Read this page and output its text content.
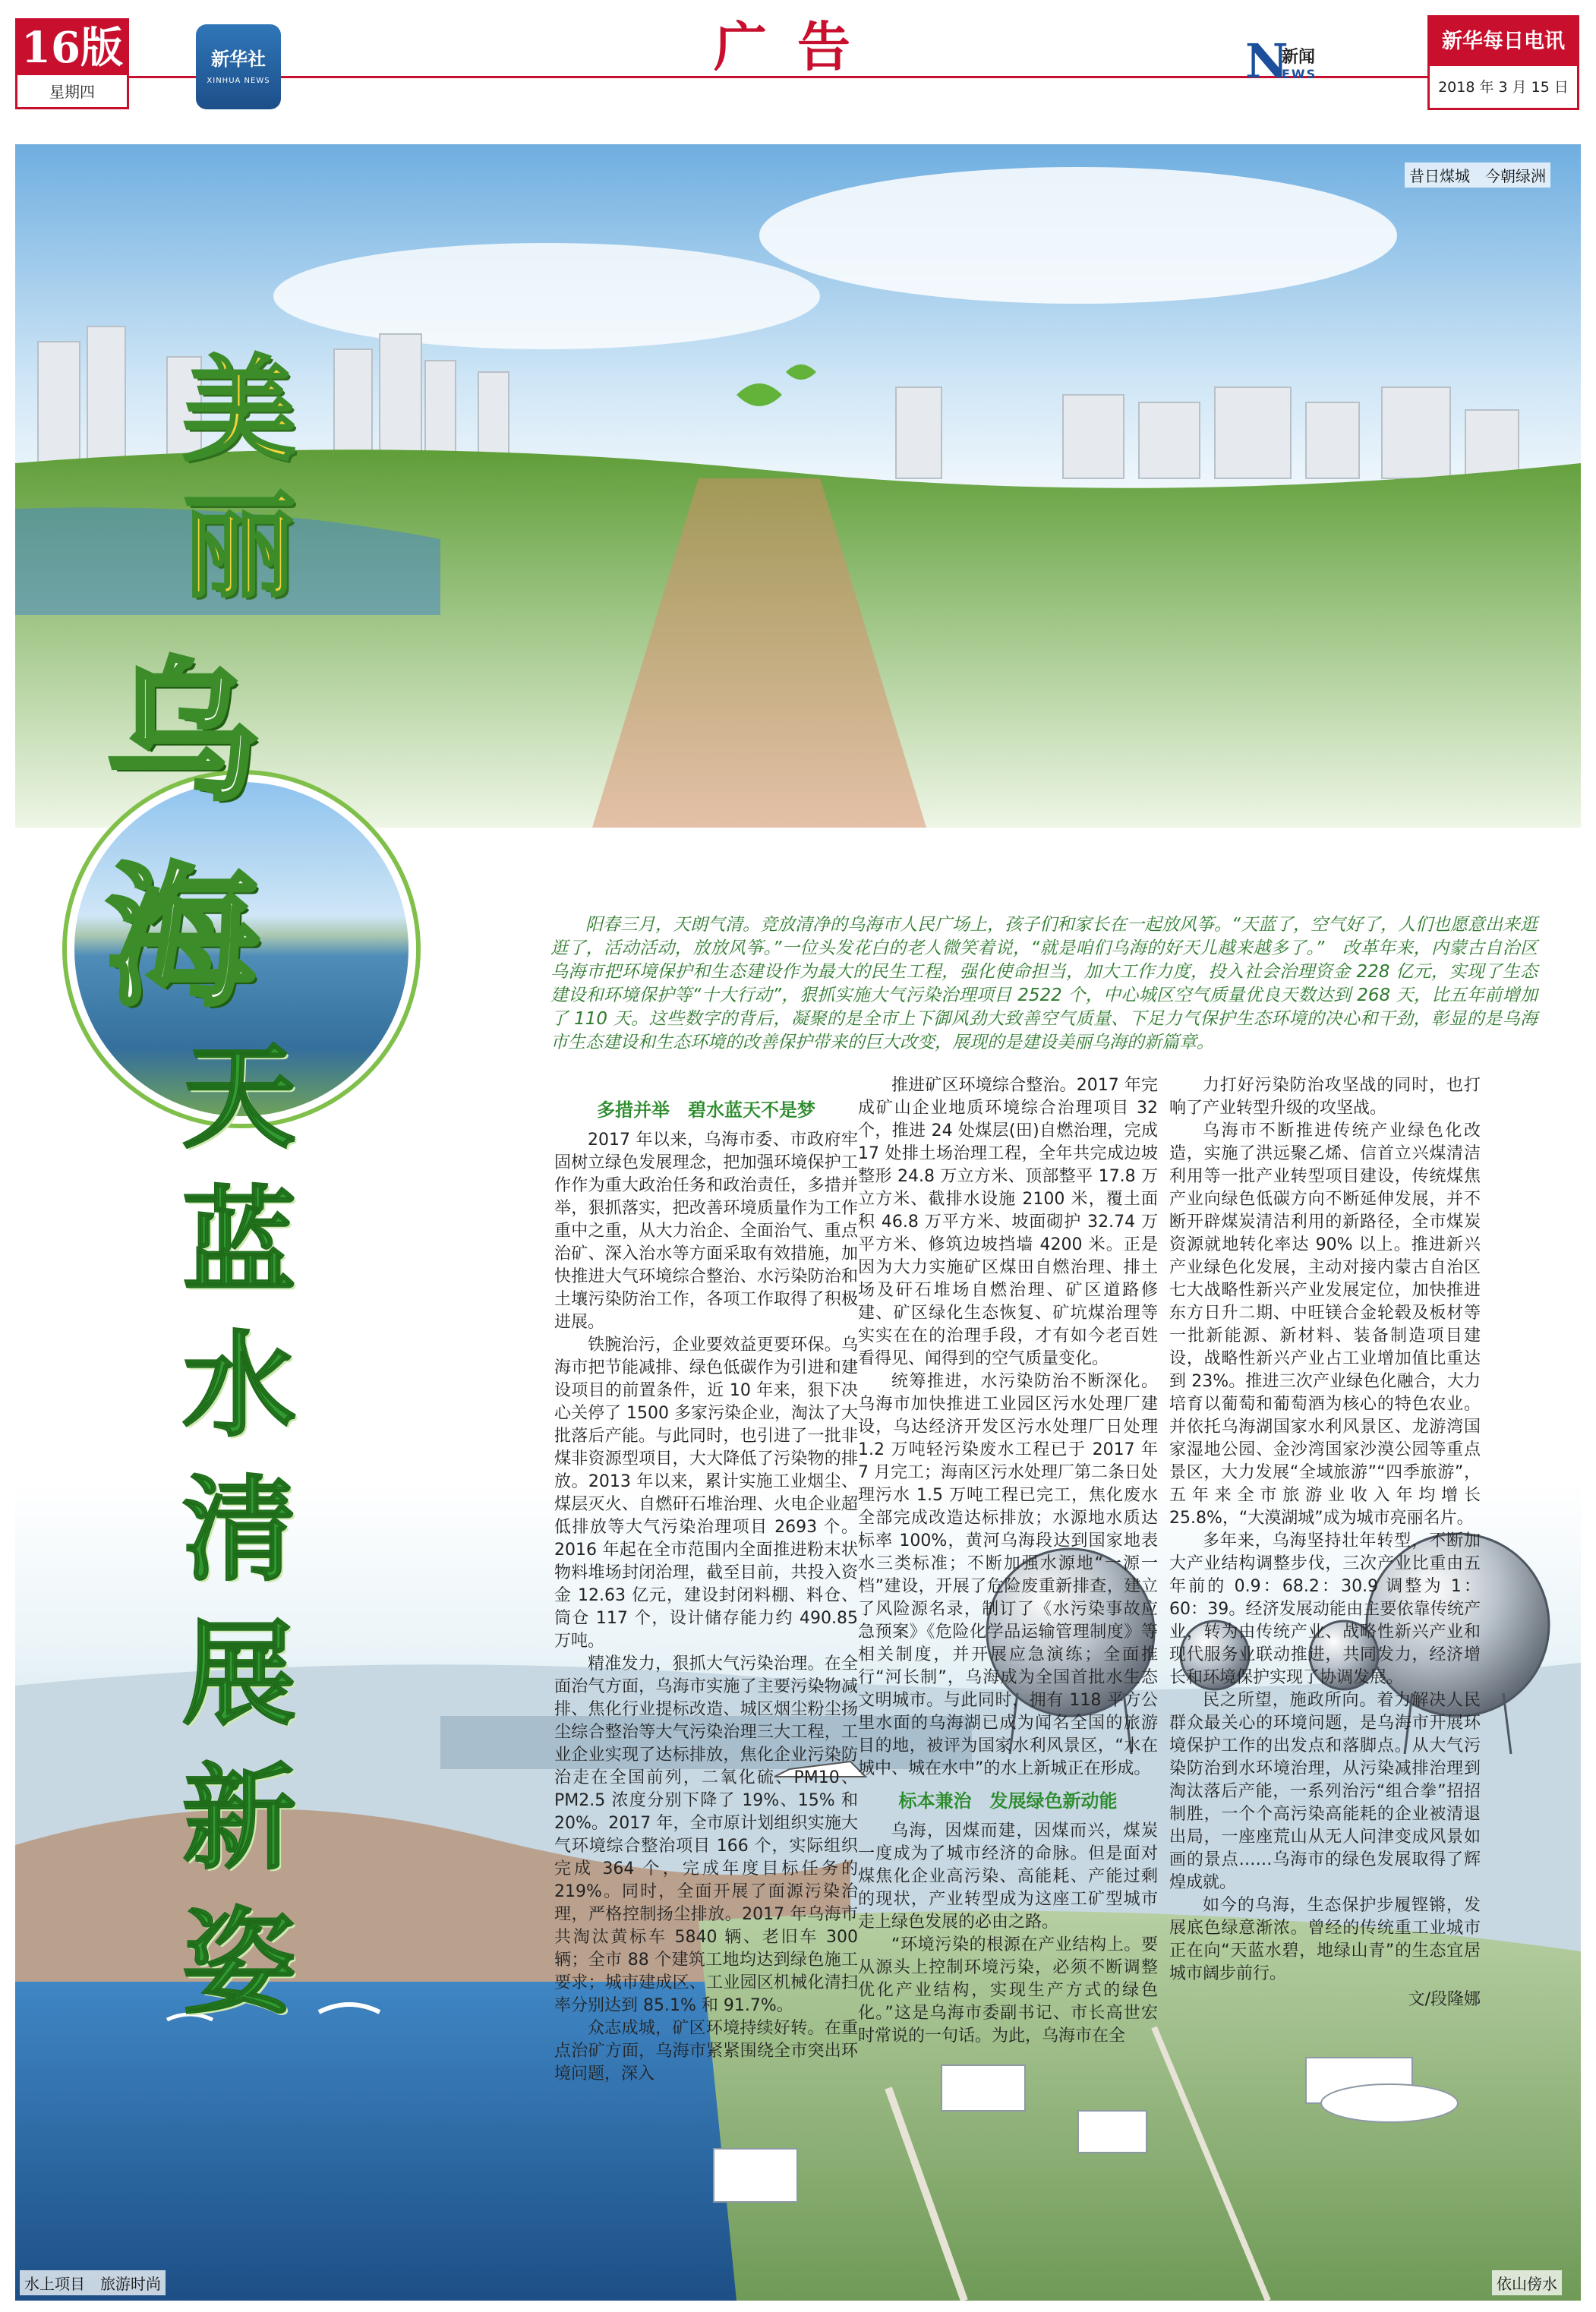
16版
星期四
新华社
XINHUA NEWS
广告	N
新闻
EWS
新华每日电讯
2018 年 3 月 15 日
昔日煤城　今朝绿洲
水上项目　旅游时尚	依山傍水
美丽
乌海
天蓝水清展新姿
阳春三月，天朗气清。竞放清净的乌海市人民广场上，孩子们和家长在一起放风筝。“天蓝了，空气好了，人们也愿意出来逛逛了，活动活动，放放风筝。”一位头发花白的老人微笑着说，“就是咱们乌海的好天儿越来越多了。”　改革年来，内蒙古自治区乌海市把环境保护和生态建设作为最大的民生工程，强化使命担当，加大工作力度，投入社会治理资金 228 亿元，实现了生态建设和环境保护等“十大行动”，狠抓实施大气污染治理项目 2522 个，中心城区空气质量优良天数达到 268 天，比五年前增加了 110 天。这些数字的背后，凝聚的是全市上下御风劲大致善空气质量、下足力气保护生态环境的决心和干劲，彰显的是乌海市生态建设和生态环境的改善保护带来的巨大改变，展现的是建设美丽乌海的新篇章。
多措并举　碧水蓝天不是梦

2017 年以来，乌海市委、市政府牢固树立绿色发展理念，把加强环境保护工作作为重大政治任务和政治责任，多措并举，狠抓落实，把改善环境质量作为工作重中之重，从大力治企、全面治气、重点治矿、深入治水等方面采取有效措施，加快推进大气环境综合整治、水污染防治和土壤污染防治工作，各项工作取得了积极进展。

铁腕治污，企业要效益更要环保。乌海市把节能减排、绿色低碳作为引进和建设项目的前置条件，近 10 年来，狠下决心关停了 1500 多家污染企业，淘汰了大批落后产能。与此同时，也引进了一批非煤非资源型项目，大大降低了污染物的排放。2013 年以来，累计实施工业烟尘、煤层灭火、自燃矸石堆治理、火电企业超低排放等大气污染治理项目 2693 个。2016 年起在全市范围内全面推进粉末状物料堆场封闭治理，截至目前，共投入资金 12.63 亿元，建设封闭料棚、料仓、筒仓 117 个，设计储存能力约 490.85 万吨。

精准发力，狠抓大气污染治理。在全面治气方面，乌海市实施了主要污染物减排、焦化行业提标改造、城区烟尘粉尘扬尘综合整治等大气污染治理三大工程，工业企业实现了达标排放，焦化企业污染防治走在全国前列，二氧化硫、PM10、PM2.5 浓度分别下降了 19%、15% 和 20%。2017 年，全市原计划组织实施大气环境综合整治项目 166 个，实际组织完成 364 个，完成年度目标任务的 219%。同时，全面开展了面源污染治理，严格控制扬尘排放。2017 年乌海市共淘汰黄标车 5840 辆、老旧车 300 辆；全市 88 个建筑工地均达到绿色施工要求；城市建成区、工业园区机械化清扫率分别达到 85.1% 和 91.7%。

众志成城，矿区环境持续好转。在重点治矿方面，乌海市紧紧围绕全市突出环境问题，深入

推进矿区环境综合整治。2017 年完成矿山企业地质环境综合治理项目 32 个，推进 24 处煤层(田)自燃治理，完成 17 处排土场治理工程，全年共完成边坡整形 24.8 万立方米、顶部整平 17.8 万立方米、截排水设施 2100 米，覆土面积 46.8 万平方米、坡面砌护 32.74 万平方米、修筑边坡挡墙 4200 米。正是因为大力实施矿区煤田自燃治理、排土场及矸石堆场自燃治理、矿区道路修建、矿区绿化生态恢复、矿坑煤治理等实实在在的治理手段，才有如今老百姓看得见、闻得到的空气质量变化。

统筹推进，水污染防治不断深化。乌海市加快推进工业园区污水处理厂建设，乌达经济开发区污水处理厂日处理 1.2 万吨轻污染废水工程已于 2017 年 7 月完工；海南区污水处理厂第二条日处理污水 1.5 万吨工程已完工，焦化废水全部完成改造达标排放；水源地水质达标率 100%，黄河乌海段达到国家地表水三类标准；不断加强水源地“一源一档”建设，开展了危险废重新排查，建立了风险源名录，制订了《水污染事故应急预案》《危险化学品运输管理制度》等相关制度，并开展应急演练；全面推行“河长制”，乌海成为全国首批水生态文明城市。与此同时，拥有 118 平方公里水面的乌海湖已成为闻名全国的旅游目的地，被评为国家水利风景区，“水在城中、城在水中”的水上新城正在形成。

标本兼治　发展绿色新动能

乌海，因煤而建，因煤而兴，煤炭一度成为了城市经济的命脉。但是面对煤焦化企业高污染、高能耗、产能过剩的现状，产业转型成为这座工矿型城市走上绿色发展的必由之路。

“环境污染的根源在产业结构上。要从源头上控制环境污染，必须不断调整优化产业结构，实现生产方式的绿色化。”这是乌海市委副书记、市长高世宏时常说的一句话。为此，乌海市在全

力打好污染防治攻坚战的同时，也打响了产业转型升级的攻坚战。

乌海市不断推进传统产业绿色化改造，实施了洪远聚乙烯、信首立兴煤清洁利用等一批产业转型项目建设，传统煤焦产业向绿色低碳方向不断延伸发展，并不断开辟煤炭清洁利用的新路径，全市煤炭资源就地转化率达 90% 以上。推进新兴产业绿色化发展，主动对接内蒙古自治区七大战略性新兴产业发展定位，加快推进东方日升二期、中旺镁合金轮毂及板材等一批新能源、新材料、装备制造项目建设，战略性新兴产业占工业增加值比重达到 23%。推进三次产业绿色化融合，大力培育以葡萄和葡萄酒为核心的特色农业。并依托乌海湖国家水利风景区、龙游湾国家湿地公园、金沙湾国家沙漠公园等重点景区，大力发展“全域旅游”“四季旅游”，五年来全市旅游业收入年均增长 25.8%，“大漠湖城”成为城市亮丽名片。

多年来，乌海坚持壮年转型，不断加大产业结构调整步伐，三次产业比重由五年前的 0.9：68.2：30.9 调整为 1：60：39。经济发展动能由主要依靠传统产业，转为由传统产业、战略性新兴产业和现代服务业联动推进，共同发力，经济增长和环境保护实现了协调发展。

民之所望，施政所向。着力解决人民群众最关心的环境问题，是乌海市开展环境保护工作的出发点和落脚点。从大气污染防治到水环境治理，从污染减排治理到淘汰落后产能，一系列治污“组合拳”招招制胜，一个个高污染高能耗的企业被清退出局，一座座荒山从无人问津变成风景如画的景点……乌海市的绿色发展取得了辉煌成就。

如今的乌海，生态保护步履铿锵，发展底色绿意渐浓。曾经的传统重工业城市正在向“天蓝水碧，地绿山青”的生态宜居城市阔步前行。

文/段隆娜
